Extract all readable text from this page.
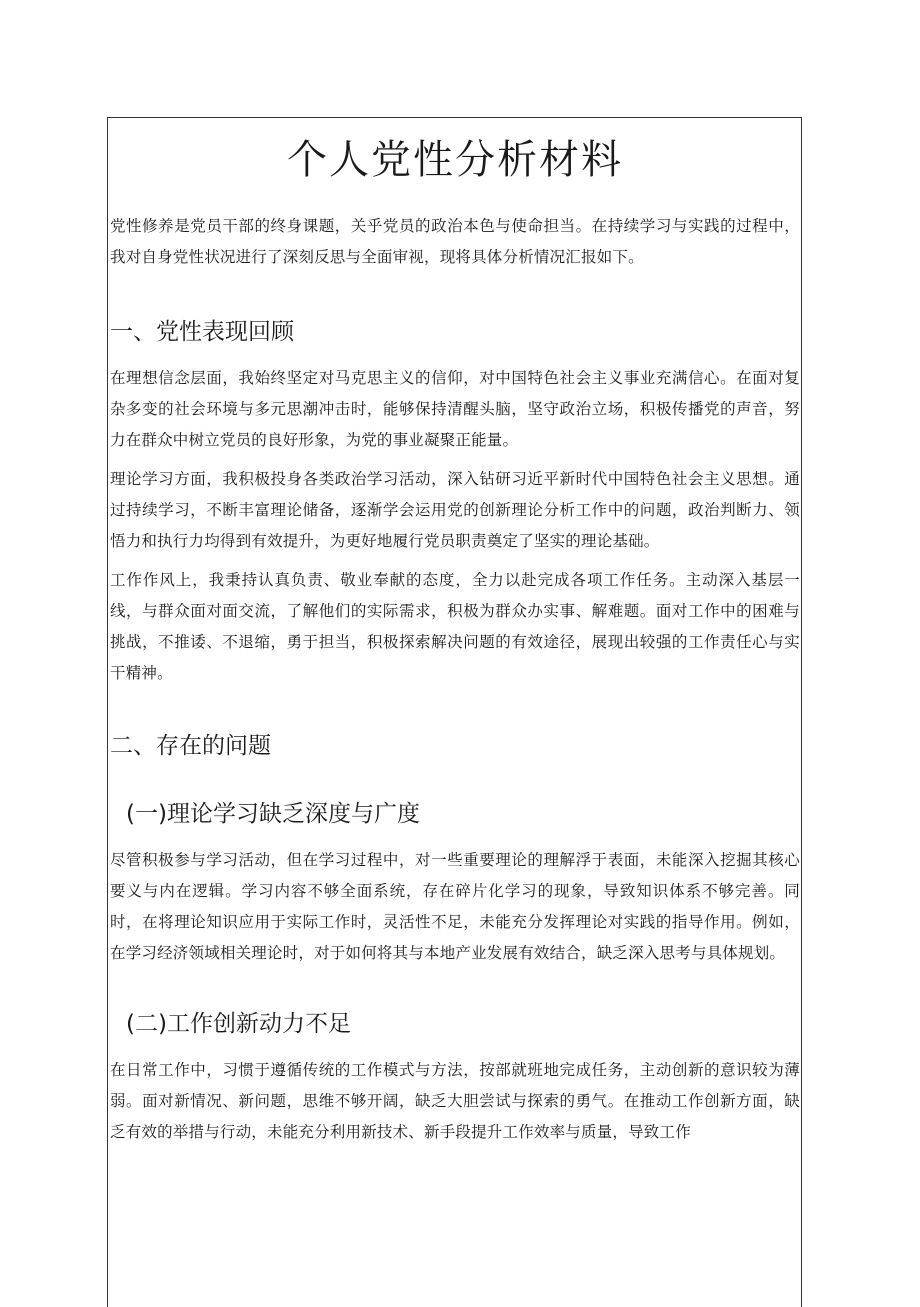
个人党性分析材料

党性修养是党员干部的终身课题，关乎党员的政治本色与使命担当。在持续学习与实践的过程中，我对自身党性状况进行了深刻反思与全面审视，现将具体分析情况汇报如下。

一、党性表现回顾

在理想信念层面，我始终坚定对马克思主义的信仰，对中国特色社会主义事业充满信心。在面对复杂多变的社会环境与多元思潮冲击时，能够保持清醒头脑，坚守政治立场，积极传播党的声音，努力在群众中树立党员的良好形象，为党的事业凝聚正能量。

理论学习方面，我积极投身各类政治学习活动，深入钻研习近平新时代中国特色社会主义思想。通过持续学习，不断丰富理论储备，逐渐学会运用党的创新理论分析工作中的问题，政治判断力、领悟力和执行力均得到有效提升，为更好地履行党员职责奠定了坚实的理论基础。

工作作风上，我秉持认真负责、敬业奉献的态度，全力以赴完成各项工作任务。主动深入基层一线，与群众面对面交流，了解他们的实际需求，积极为群众办实事、解难题。面对工作中的困难与挑战，不推诿、不退缩，勇于担当，积极探索解决问题的有效途径，展现出较强的工作责任心与实干精神。

二、存在的问题
(一)理论学习缺乏深度与广度

尽管积极参与学习活动，但在学习过程中，对一些重要理论的理解浮于表面，未能深入挖掘其核心要义与内在逻辑。学习内容不够全面系统，存在碎片化学习的现象，导致知识体系不够完善。同时，在将理论知识应用于实际工作时，灵活性不足，未能充分发挥理论对实践的指导作用。例如，在学习经济领域相关理论时，对于如何将其与本地产业发展有效结合，缺乏深入思考与具体规划。

(二)工作创新动力不足

在日常工作中，习惯于遵循传统的工作模式与方法，按部就班地完成任务，主动创新的意识较为薄弱。面对新情况、新问题，思维不够开阔，缺乏大胆尝试与探索的勇气。在推动工作创新方面，缺乏有效的举措与行动，未能充分利用新技术、新手段提升工作效率与质量，导致工作
